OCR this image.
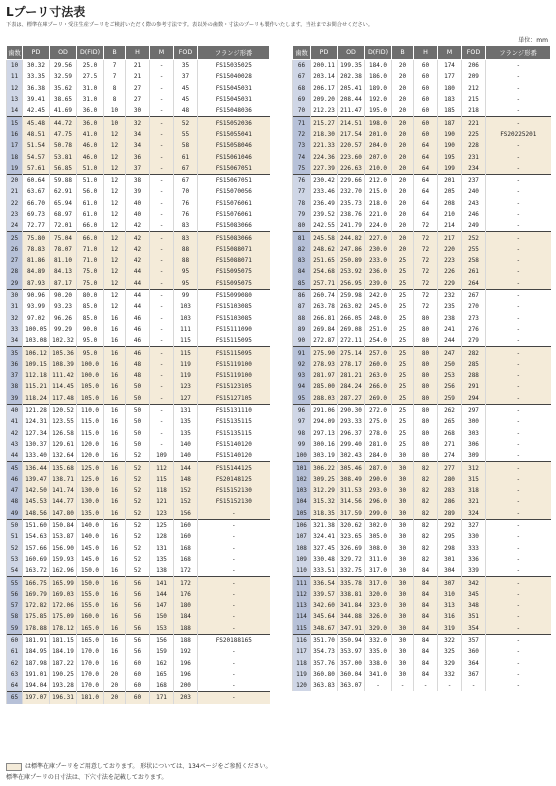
Lプーリ寸法表
下表は、標準在庫プーリ・受注生産プーリをご検討いただく際の参考寸法です。表以外の歯数・寸法のプーリも製作いたします。当社までお問合せください。
単位：mm
歯数	PD	OD	D(FID)	B	H	M	FOD	フランジ形番
10	30.32	29.56	25.0	7	21	-	35	FS15035025
11	33.35	32.59	27.5	7	21	-	37	FS15040028
12	36.38	35.62	31.0	8	27	-	45	FS15045031
13	39.41	38.65	31.0	8	27	-	45	FS15045031
14	42.45	41.69	36.0	10	30	-	48	FS15048036
15	45.48	44.72	36.0	10	32	-	52	FS15052036
16	48.51	47.75	41.0	12	34	-	55	FS15055041
17	51.54	50.78	46.0	12	34	-	58	FS15058046
18	54.57	53.81	46.0	12	36	-	61	FS15061046
19	57.61	56.85	51.0	12	37	-	67	FS15067051
20	60.64	59.88	51.0	12	38	-	67	FS15067051
21	63.67	62.91	56.0	12	39	-	70	FS15070056
22	66.70	65.94	61.0	12	40	-	76	FS15076061
23	69.73	68.97	61.0	12	40	-	76	FS15076061
24	72.77	72.01	66.0	12	42	-	83	FS15083066
25	75.80	75.04	66.0	12	42	-	83	FS15083066
26	78.83	78.07	71.0	12	42	-	88	FS15088071
27	81.86	81.10	71.0	12	42	-	88	FS15088071
28	84.89	84.13	75.0	12	44	-	95	FS15095075
29	87.93	87.17	75.0	12	44	-	95	FS15095075
30	90.96	90.20	80.0	12	44	-	99	FS15099080
31	93.99	93.23	85.0	12	44	-	103	FS15103085
32	97.02	96.26	85.0	16	46	-	103	FS15103085
33	100.05	99.29	90.0	16	46	-	111	FS15111090
34	103.08	102.32	95.0	16	46	-	115	FS15115095
35	106.12	105.36	95.0	16	46	-	115	FS15115095
36	109.15	108.39	100.0	16	48	-	119	FS15119100
37	112.18	111.42	100.0	16	48	-	119	FS15119100
38	115.21	114.45	105.0	16	50	-	123	FS15123105
39	118.24	117.48	105.0	16	50	-	127	FS15127105
40	121.28	120.52	110.0	16	50	-	131	FS15131110
41	124.31	123.55	115.0	16	50	-	135	FS15135115
42	127.34	126.58	115.0	16	50	-	135	FS15135115
43	130.37	129.61	120.0	16	50	-	140	FS15140120
44	133.40	132.64	120.0	16	52	109	140	FS15140120
45	136.44	135.68	125.0	16	52	112	144	FS15144125
46	139.47	138.71	125.0	16	52	115	148	FS20148125
47	142.50	141.74	130.0	16	52	118	152	FS15152130
48	145.53	144.77	130.0	16	52	121	152	FS15152130
49	148.56	147.80	135.0	16	52	123	156	-
50	151.60	150.84	140.0	16	52	125	160	-
51	154.63	153.87	140.0	16	52	128	160	-
52	157.66	156.90	145.0	16	52	131	168	-
53	160.69	159.93	145.0	16	52	135	168	-
54	163.72	162.96	150.0	16	52	138	172	-
55	166.75	165.99	150.0	16	56	141	172	-
56	169.79	169.03	155.0	16	56	144	176	-
57	172.82	172.06	155.0	16	56	147	180	-
58	175.85	175.09	160.0	16	56	150	184	-
59	178.88	178.12	165.0	16	56	153	188	-
60	181.91	181.15	165.0	16	56	156	188	FS20188165
61	184.95	184.19	170.0	16	56	159	192	-
62	187.98	187.22	170.0	16	60	162	196	-
63	191.01	190.25	170.0	20	60	165	196	-
64	194.04	193.28	170.0	20	60	168	200	-
65	197.07	196.31	181.0	20	60	171	203	-
歯数	PD	OD	D(FID)	B	H	M	FOD	フランジ形番
66	200.11	199.35	184.0	20	60	174	206	-
67	203.14	202.38	186.0	20	60	177	209	-
68	206.17	205.41	189.0	20	60	180	212	-
69	209.20	208.44	192.0	20	60	183	215	-
70	212.23	211.47	195.0	20	60	185	218	-
71	215.27	214.51	198.0	20	60	187	221	-
72	218.30	217.54	201.0	20	60	190	225	FS20225201
73	221.33	220.57	204.0	20	64	190	228	-
74	224.36	223.60	207.0	20	64	195	231	-
75	227.39	226.63	210.0	20	64	199	234	-
76	230.42	229.66	212.0	20	64	201	237	-
77	233.46	232.70	215.0	20	64	205	240	-
78	236.49	235.73	218.0	20	64	208	243	-
79	239.52	238.76	221.0	20	64	210	246	-
80	242.55	241.79	224.0	20	72	214	249	-
81	245.58	244.82	227.0	20	72	217	252	-
82	248.62	247.86	230.0	20	72	220	255	-
83	251.65	250.89	233.0	25	72	223	258	-
84	254.68	253.92	236.0	25	72	226	261	-
85	257.71	256.95	239.0	25	72	229	264	-
86	260.74	259.98	242.0	25	72	232	267	-
87	263.78	263.02	245.0	25	72	235	270	-
88	266.81	266.05	248.0	25	80	238	273	-
89	269.84	269.08	251.0	25	80	241	276	-
90	272.87	272.11	254.0	25	80	244	279	-
91	275.90	275.14	257.0	25	80	247	282	-
92	278.93	278.17	260.0	25	80	250	285	-
93	281.97	281.21	263.0	25	80	253	288	-
94	285.00	284.24	266.0	25	80	256	291	-
95	288.03	287.27	269.0	25	80	259	294	-
96	291.06	290.30	272.0	25	80	262	297	-
97	294.09	293.33	275.0	25	80	265	300	-
98	297.13	296.37	278.0	25	80	268	303	-
99	300.16	299.40	281.0	25	80	271	306	-
100	303.19	302.43	284.0	30	80	274	309	-
101	306.22	305.46	287.0	30	82	277	312	-
102	309.25	308.49	290.0	30	82	280	315	-
103	312.29	311.53	293.0	30	82	283	318	-
104	315.32	314.56	296.0	30	82	286	321	-
105	318.35	317.59	299.0	30	82	289	324	-
106	321.38	320.62	302.0	30	82	292	327	-
107	324.41	323.65	305.0	30	82	295	330	-
108	327.45	326.69	308.0	30	82	298	333	-
109	330.48	329.72	311.0	30	82	301	336	-
110	333.51	332.75	317.0	30	84	304	339	-
111	336.54	335.78	317.0	30	84	307	342	-
112	339.57	338.81	320.0	30	84	310	345	-
113	342.60	341.84	323.0	30	84	313	348	-
114	345.64	344.88	326.0	30	84	316	351	-
115	348.67	347.91	329.0	30	84	319	354	-
116	351.70	350.94	332.0	30	84	322	357	-
117	354.73	353.97	335.0	30	84	325	360	-
118	357.76	357.00	338.0	30	84	329	364	-
119	360.80	360.04	341.0	30	84	332	367	-
120	363.83	363.07	-	-	-	-	-	-
は標準在庫プーリをご用意しております。 形状については、134ページをご参照ください。
標準在庫プーリの日寸法は、下穴寸法を記載しております。
